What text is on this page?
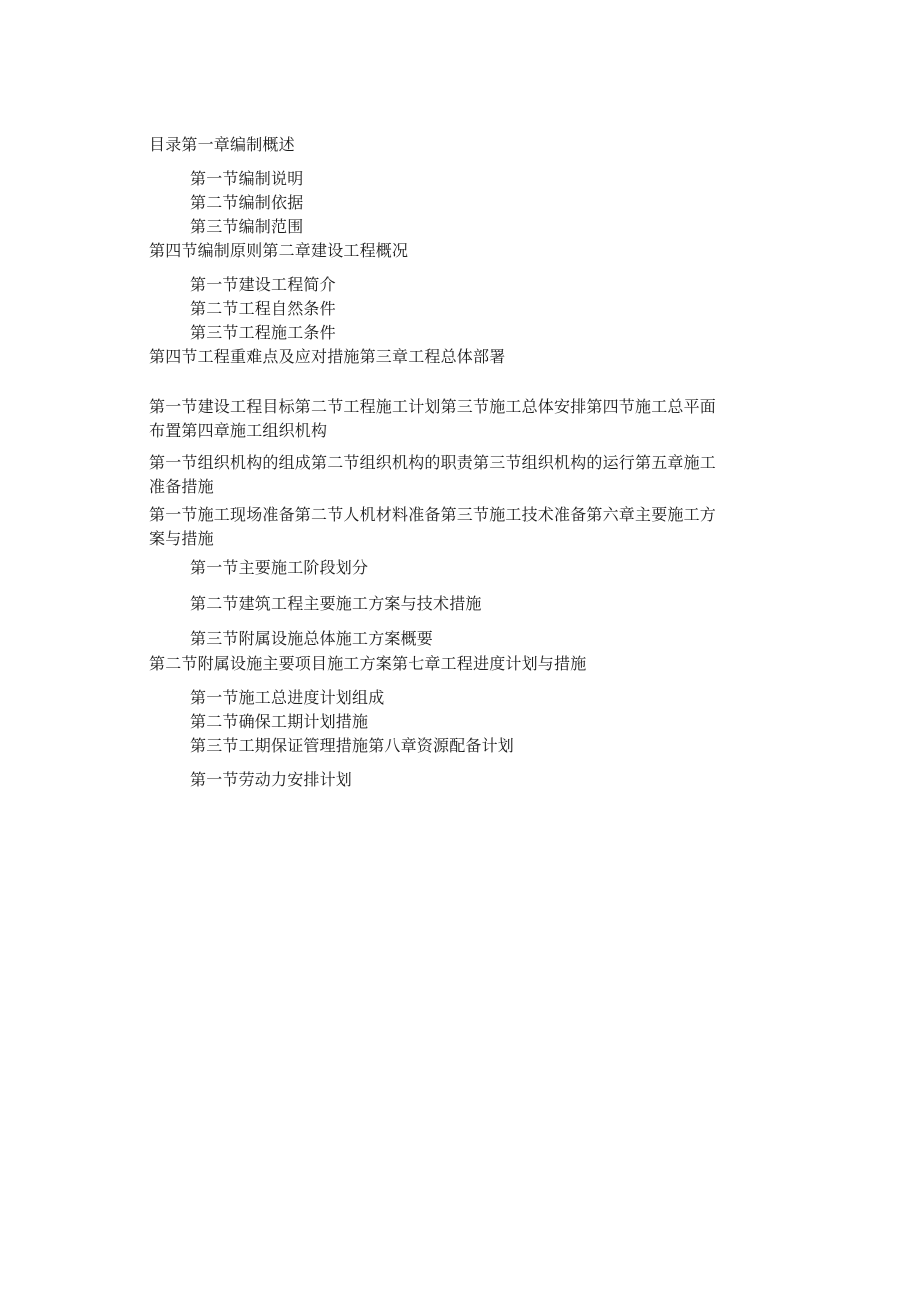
目录第一章编制概述
第一节编制说明
第二节编制依据
第三节编制范围
第四节编制原则第二章建设工程概况
第一节建设工程简介
第二节工程自然条件
第三节工程施工条件
第四节工程重难点及应对措施第三章工程总体部署
第一节建设工程目标第二节工程施工计划第三节施工总体安排第四节施工总平面布置第四章施工组织机构
第一节组织机构的组成第二节组织机构的职责第三节组织机构的运行第五章施工准备措施
第一节施工现场准备第二节人机材料准备第三节施工技术准备第六章主要施工方案与措施
第一节主要施工阶段划分
第二节建筑工程主要施工方案与技术措施
第三节附属设施总体施工方案概要
第二节附属设施主要项目施工方案第七章工程进度计划与措施
第一节施工总进度计划组成
第二节确保工期计划措施
第三节工期保证管理措施第八章资源配备计划
第一节劳动力安排计划
